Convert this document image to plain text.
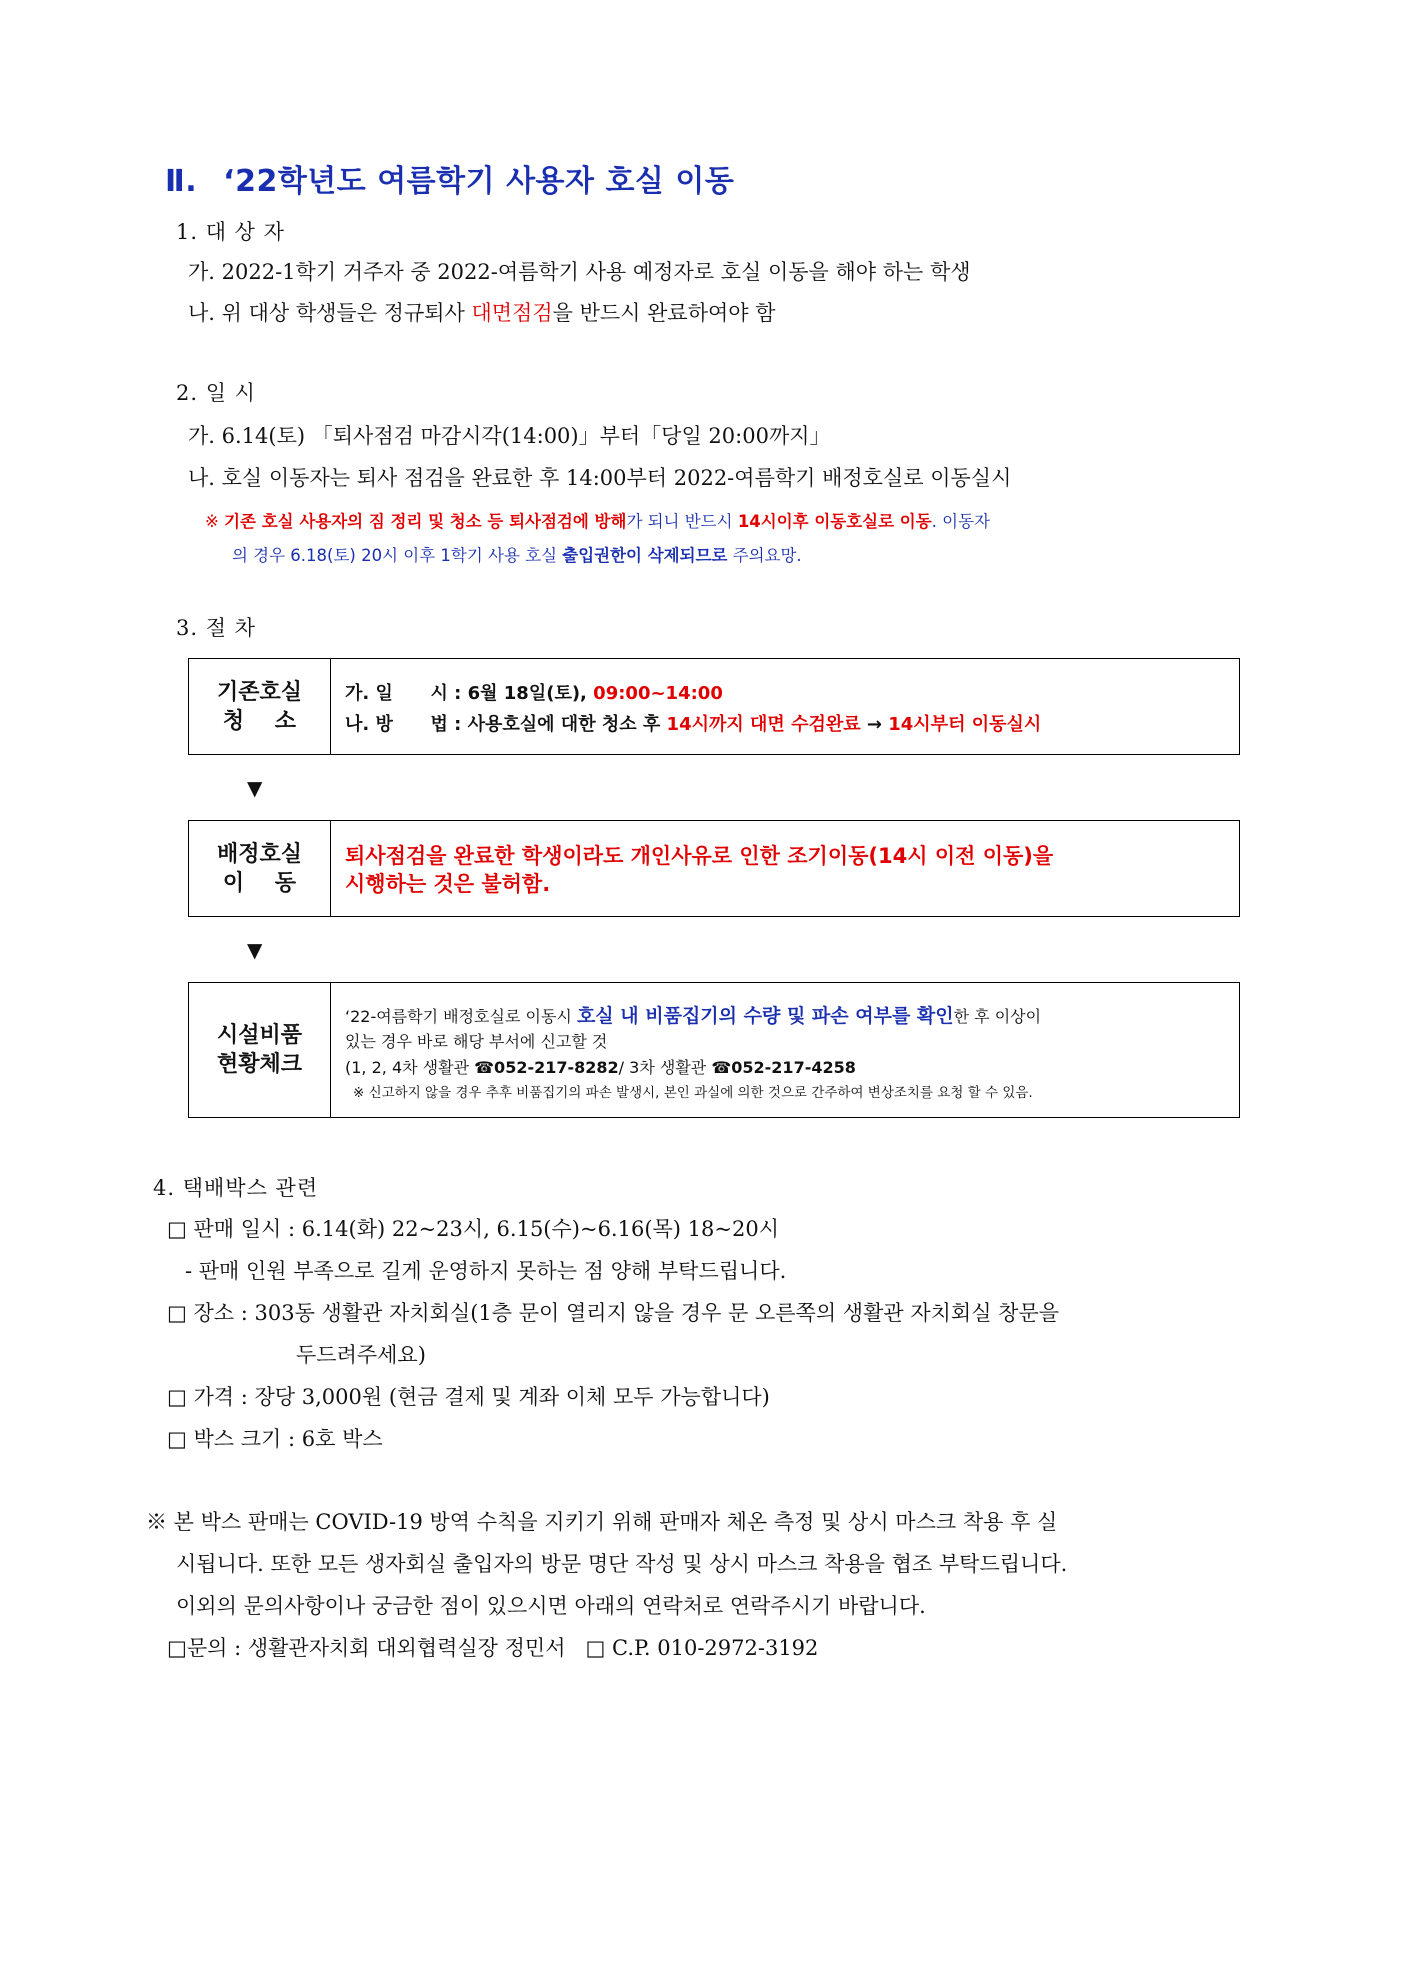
Ⅱ. ‘22학년도 여름학기 사용자 호실 이동
1. 대 상 자
가. 2022-1학기 거주자 중 2022-여름학기 사용 예정자로 호실 이동을 해야 하는 학생
나. 위 대상 학생들은 정규퇴사 대면점검을 반드시 완료하여야 함
2. 일 시
가. 6.14(토) 「퇴사점검 마감시각(14:00)」부터「당일 20:00까지」
나. 호실 이동자는 퇴사 점검을 완료한 후 14:00부터 2022-여름학기 배정호실로 이동실시
※ 기존 호실 사용자의 짐 정리 및 청소 등 퇴사점검에 방해가 되니 반드시 14시이후 이동호실로 이동. 이동자
의 경우 6.18(토) 20시 이후 1학기 사용 호실 출입권한이 삭제되므로 주의요망.
3. 절 차
기존호실
청    소
가. 일      시 : 6월 18일(토), 09:00~14:00
나. 방      법 : 사용호실에 대한 청소 후 14시까지 대면 수검완료 → 14시부터 이동실시
▼
배정호실
이    동
퇴사점검을 완료한 학생이라도 개인사유로 인한 조기이동(14시 이전 이동)을
시행하는 것은 불허함.
▼
시설비품
현황체크
‘22-여름학기 배정호실로 이동시 호실 내 비품집기의 수량 및 파손 여부를 확인한 후 이상이
있는 경우 바로 해당 부서에 신고할 것
(1, 2, 4차 생활관 ☎052-217-8282/ 3차 생활관 ☎052-217-4258
※ 신고하지 않을 경우 추후 비품집기의 파손 발생시, 본인 과실에 의한 것으로 간주하여 변상조치를 요청 할 수 있음.
4. 택배박스 관련
□ 판매 일시 : 6.14(화) 22~23시, 6.15(수)~6.16(목) 18~20시
- 판매 인원 부족으로 길게 운영하지 못하는 점 양해 부탁드립니다.
□ 장소 : 303동 생활관 자치회실(1층 문이 열리지 않을 경우 문 오른쪽의 생활관 자치회실 창문을
두드려주세요)
□ 가격 : 장당 3,000원 (현금 결제 및 계좌 이체 모두 가능합니다)
□ 박스 크기 : 6호 박스
※ 본 박스 판매는 COVID-19 방역 수칙을 지키기 위해 판매자 체온 측정 및 상시 마스크 착용 후 실
시됩니다. 또한 모든 생자회실 출입자의 방문 명단 작성 및 상시 마스크 착용을 협조 부탁드립니다.
이외의 문의사항이나 궁금한 점이 있으시면 아래의 연락처로 연락주시기 바랍니다.
□문의 : 생활관자치회 대외협력실장 정민서   □ C.P. 010-2972-3192
